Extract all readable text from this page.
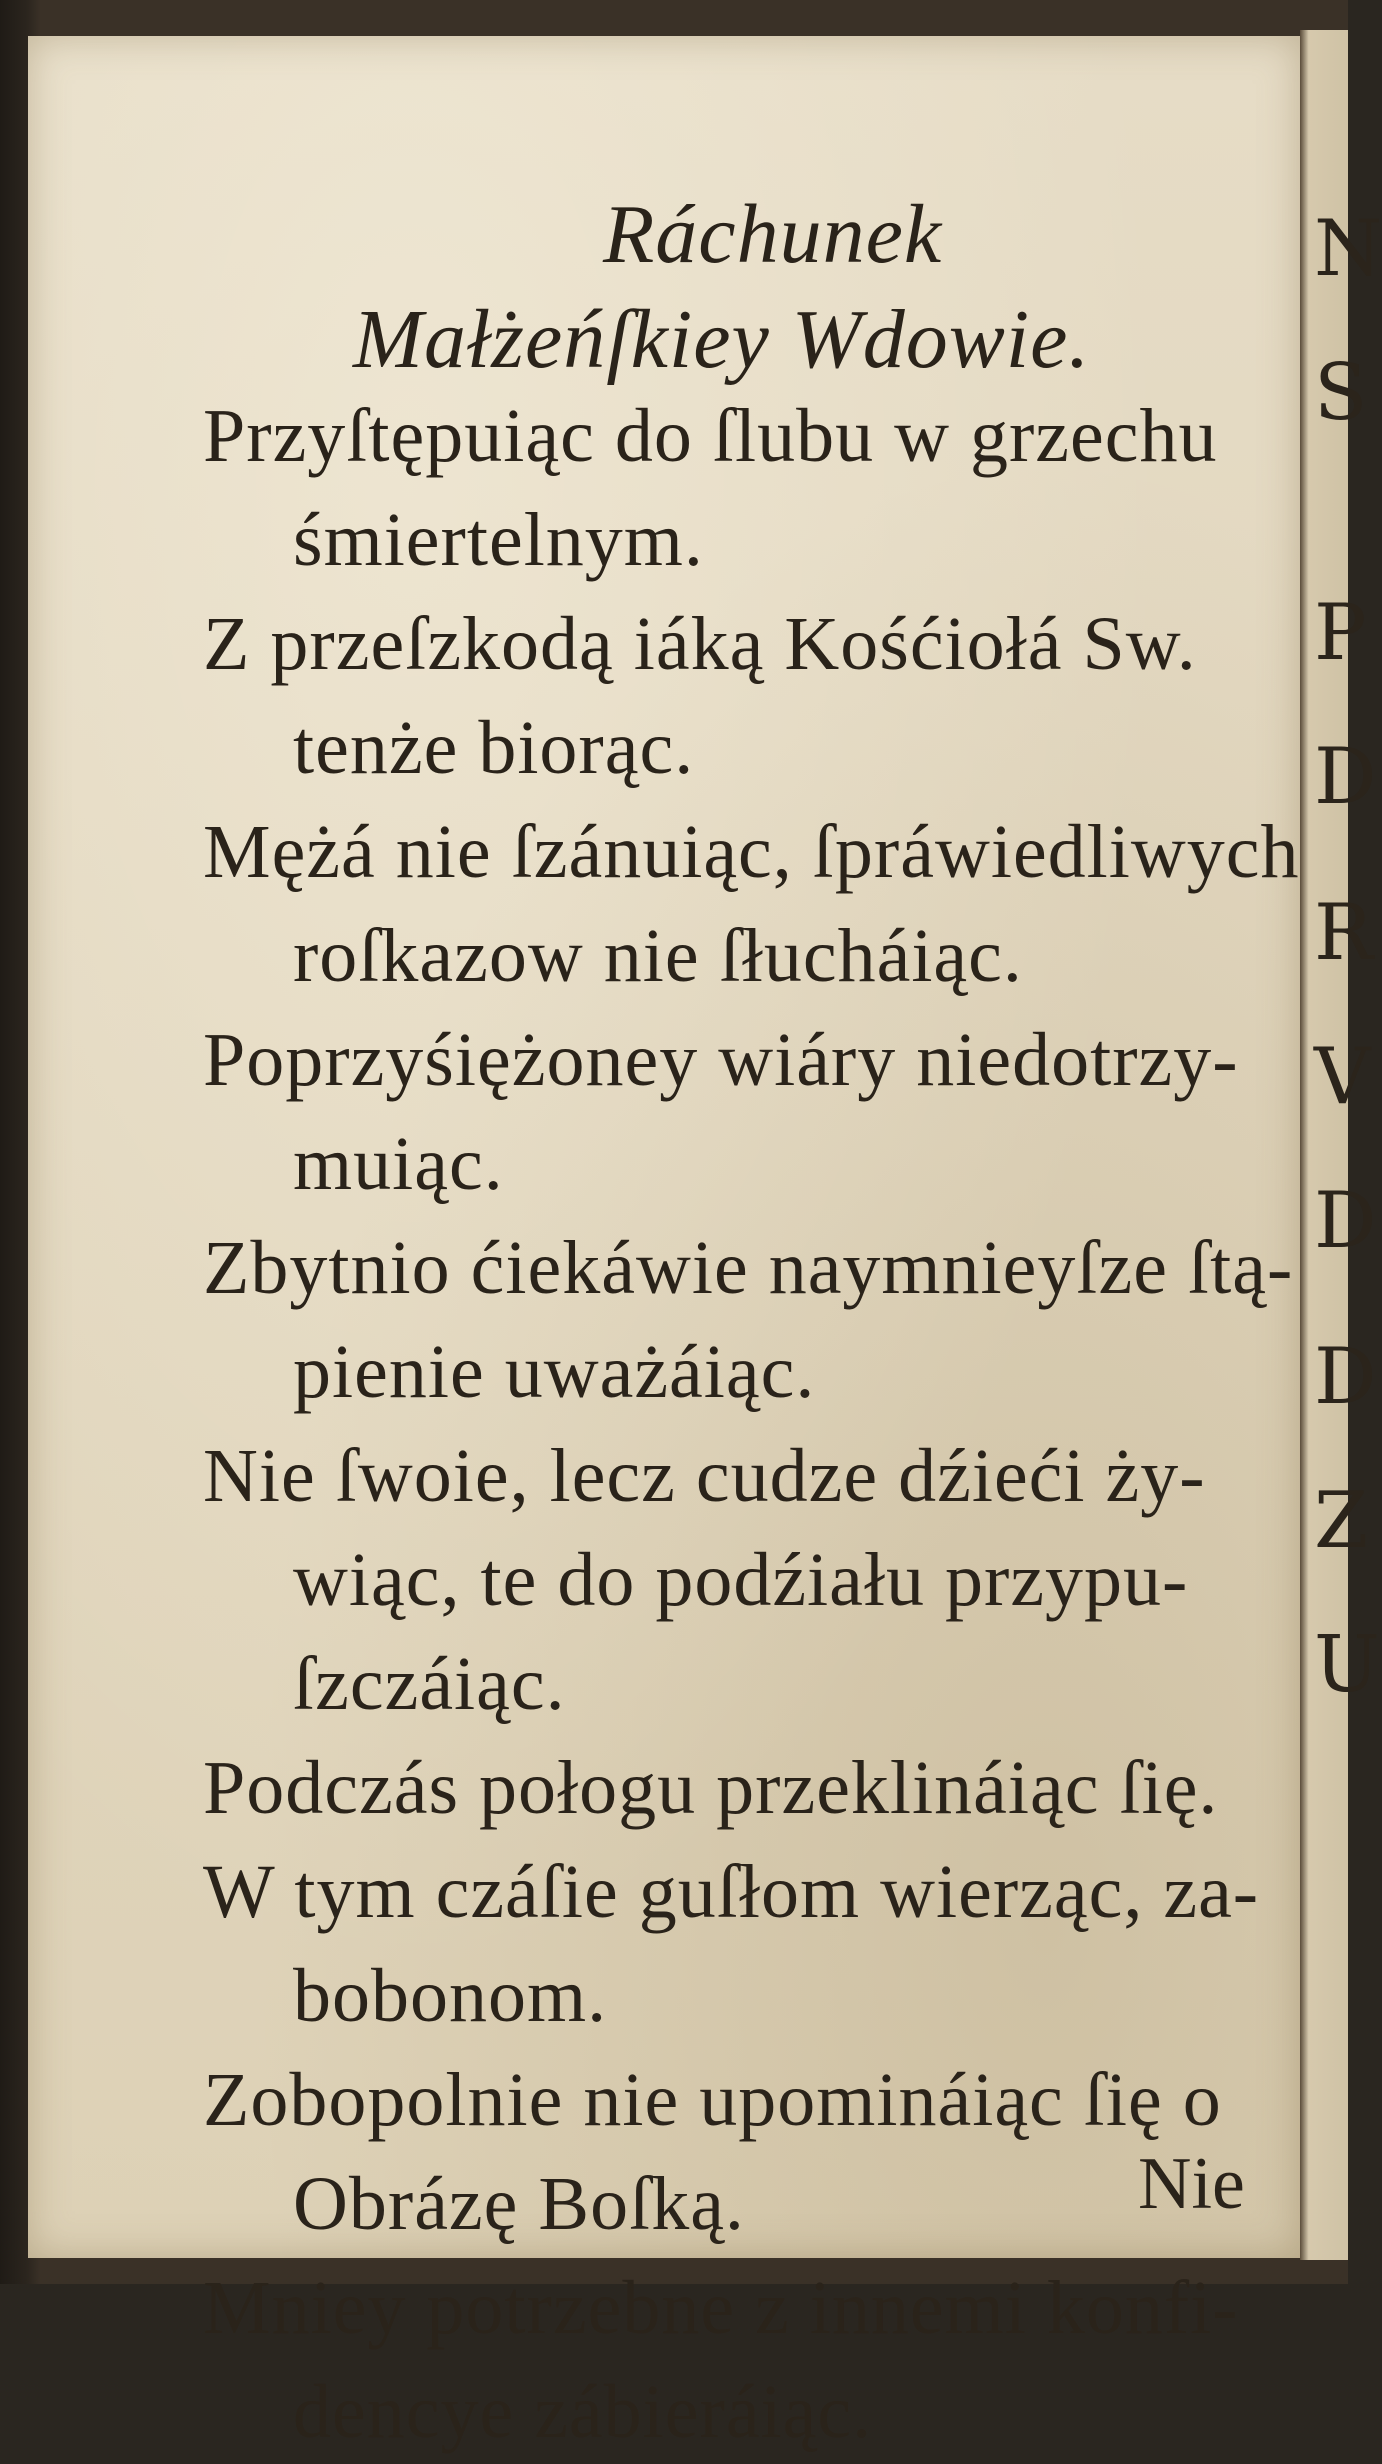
Ráchunek
Małżeńſkiey Wdowie.
Przyſtępuiąc do ſlubu w grzechu
śmiertelnym.
Z przeſzkodą iáką Kośćiołá Sw.
tenże biorąc.
Mężá nie ſzánuiąc, ſpráwiedliwych
roſkazow nie ſłucháiąc.
Poprzyśiężoney wiáry niedotrzy-
muiąc.
Zbytnio ćiekáwie naymnieyſze ſtą-
pienie uważáiąc.
Nie ſwoie, lecz cudze dźieći ży-
wiąc, te do podźiału przypu-
ſzczáiąc.
Podczás połogu przeklináiąc ſię.
W tym czáſie guſłom wierząc, za-
bobonom.
Zobopolnie nie upomináiąc ſię o
Obrázę Boſką.
Mniey potrzebne z innemi konfi-
dencye zábieráiąc.
Nie
N
S
P
D
R
V
D
D
Z
U
